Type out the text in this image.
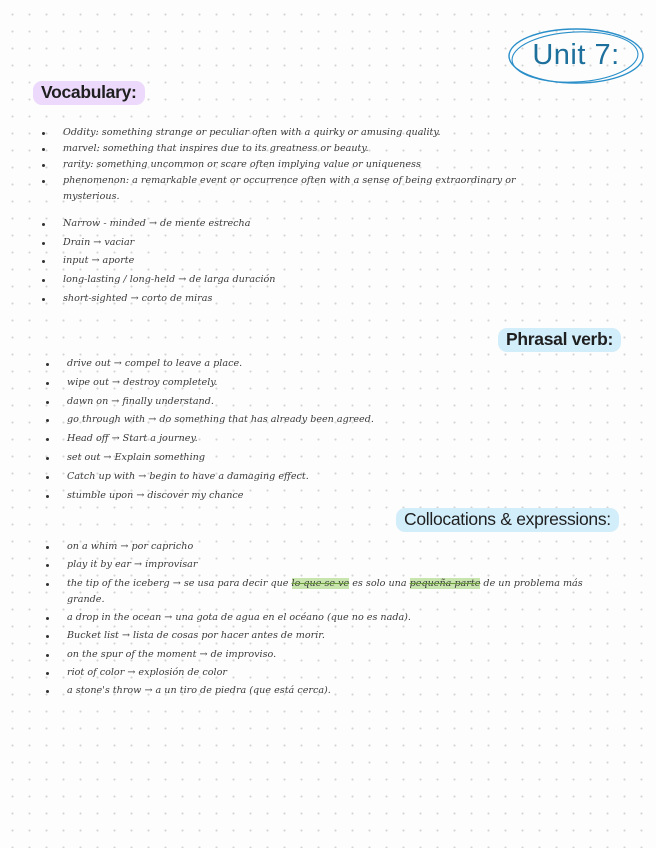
Unit 7:
Vocabulary:
Oddity: something strange or peculiar often with a quirky or amusing quality.
marvel: something that inspires due to its greatness or beauty.
rarity: something uncommon or scare often implying value or uniqueness
phenomenon: a remarkable event or occurrence often with a sense of being extraordinary or
mysterious.
Narrow - minded → de mente estrecha
Drain → vaciar
input → aporte
long-lasting / long-held → de larga duración
short-sighted → corto de miras
Phrasal verb:
drive out → compel to leave a place.
wipe out → destroy completely.
dawn on → finally understand.
go through with → do something that has already been agreed.
Head off → Start a journey.
set out → Explain something
Catch up with → begin to have a damaging effect.
stumble upon → discover my chance
Collocations & expressions:
on a whim → por capricho
play it by ear → improvisar
the tip of the iceberg → se usa para decir que lo que se ve es solo una pequeña parte de un problema más
grande.
a drop in the ocean → una gota de agua en el océano (que no es nada).
Bucket list → lista de cosas por hacer antes de morir.
on the spur of the moment → de improviso.
riot of color → explosión de color
a stone's throw → a un tiro de piedra (que está cerca).
